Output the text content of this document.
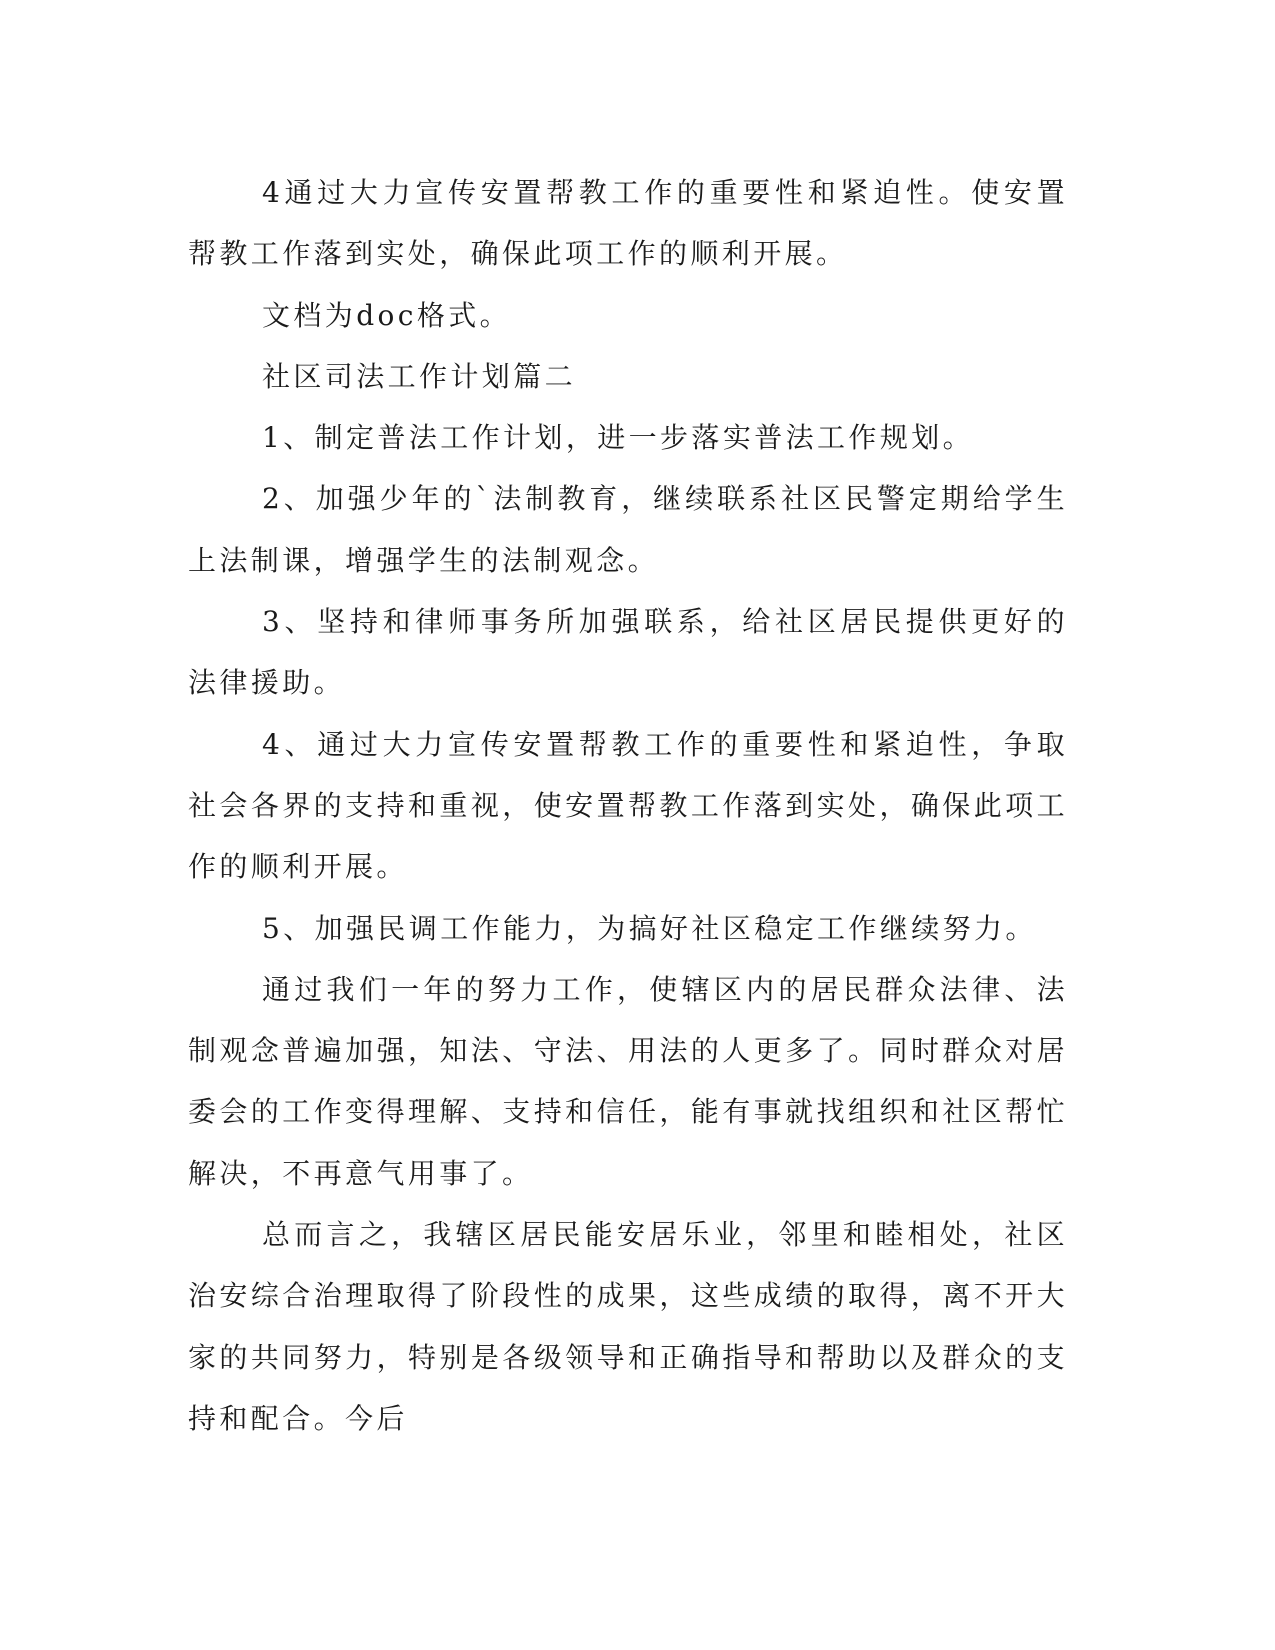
4通过大力宣传安置帮教工作的重要性和紧迫性。使安置帮教工作落到实处，确保此项工作的顺利开展。

文档为doc格式。

社区司法工作计划篇二

1、制定普法工作计划，进一步落实普法工作规划。

2、加强少年的`法制教育，继续联系社区民警定期给学生上法制课，增强学生的法制观念。

3、坚持和律师事务所加强联系，给社区居民提供更好的法律援助。

4、通过大力宣传安置帮教工作的重要性和紧迫性，争取社会各界的支持和重视，使安置帮教工作落到实处，确保此项工作的顺利开展。

5、加强民调工作能力，为搞好社区稳定工作继续努力。

通过我们一年的努力工作，使辖区内的居民群众法律、法制观念普遍加强，知法、守法、用法的人更多了。同时群众对居委会的工作变得理解、支持和信任，能有事就找组织和社区帮忙解决，不再意气用事了。

总而言之，我辖区居民能安居乐业，邻里和睦相处，社区治安综合治理取得了阶段性的成果，这些成绩的取得，离不开大家的共同努力，特别是各级领导和正确指导和帮助以及群众的支持和配合。今后
